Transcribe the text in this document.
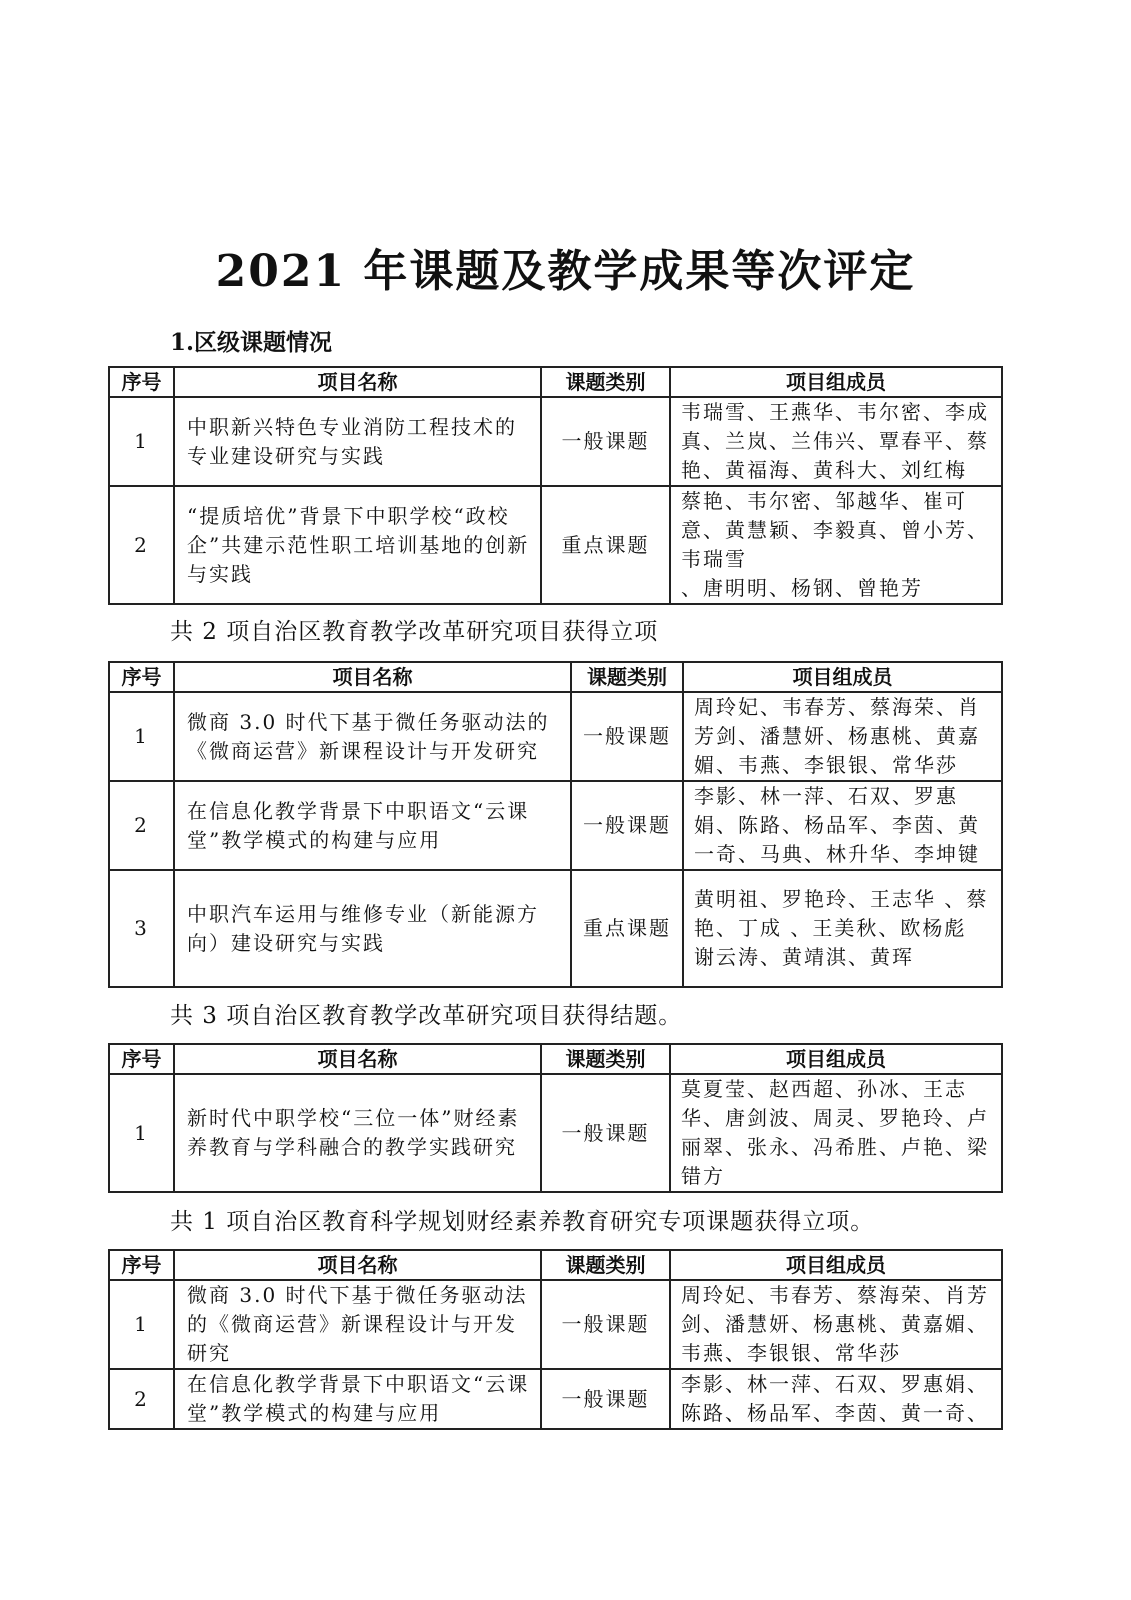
2021 年课题及教学成果等次评定
1.区级课题情况
序号	项目名称	课题类别	项目组成员
1	中职新兴特色专业消防工程技术的专业建设研究与实践	一般课题	韦瑞雪、王燕华、韦尔密、李成真、兰岚、兰伟兴、覃春平、蔡艳、黄福海、黄科大、刘红梅
2	“提质培优”背景下中职学校“政校企”共建示范性职工培训基地的创新与实践	重点课题	蔡艳、韦尔密、邹越华、崔可意、黄慧颖、李毅真、曾小芳、韦瑞雪
、唐明明、杨钢、曾艳芳
共 2 项自治区教育教学改革研究项目获得立项
序号	项目名称	课题类别	项目组成员
1	微商 3.0 时代下基于微任务驱动法的《微商运营》新课程设计与开发研究	一般课题	周玲妃、韦春芳、蔡海荣、肖芳剑、潘慧妍、杨惠桃、黄嘉媚、韦燕、李银银、常华莎
2	在信息化教学背景下中职语文“云课堂”教学模式的构建与应用	一般课题	李影、林一萍、石双、罗惠娟、陈路、杨品军、李茵、黄一奇、马典、林升华、李坤键
3	中职汽车运用与维修专业（新能源方向）建设研究与实践	重点课题	黄明祖、罗艳玲、王志华 、蔡 艳、丁成 、王美秋、欧杨彪
谢云涛、黄靖淇、黄珲
共 3 项自治区教育教学改革研究项目获得结题。
序号	项目名称	课题类别	项目组成员
1	新时代中职学校“三位一体”财经素养教育与学科融合的教学实践研究	一般课题	莫夏莹、赵西超、孙冰、王志华、唐剑波、周灵、罗艳玲、卢丽翠、张永、冯希胜、卢艳、梁错方
共 1 项自治区教育科学规划财经素养教育研究专项课题获得立项。
序号	项目名称	课题类别	项目组成员
1	微商 3.0 时代下基于微任务驱动法的《微商运营》新课程设计与开发研究	一般课题	周玲妃、韦春芳、蔡海荣、肖芳剑、潘慧妍、杨惠桃、黄嘉媚、韦燕、李银银、常华莎
2	在信息化教学背景下中职语文“云课堂”教学模式的构建与应用	一般课题	李影、林一萍、石双、罗惠娟、陈路、杨品军、李茵、黄一奇、
